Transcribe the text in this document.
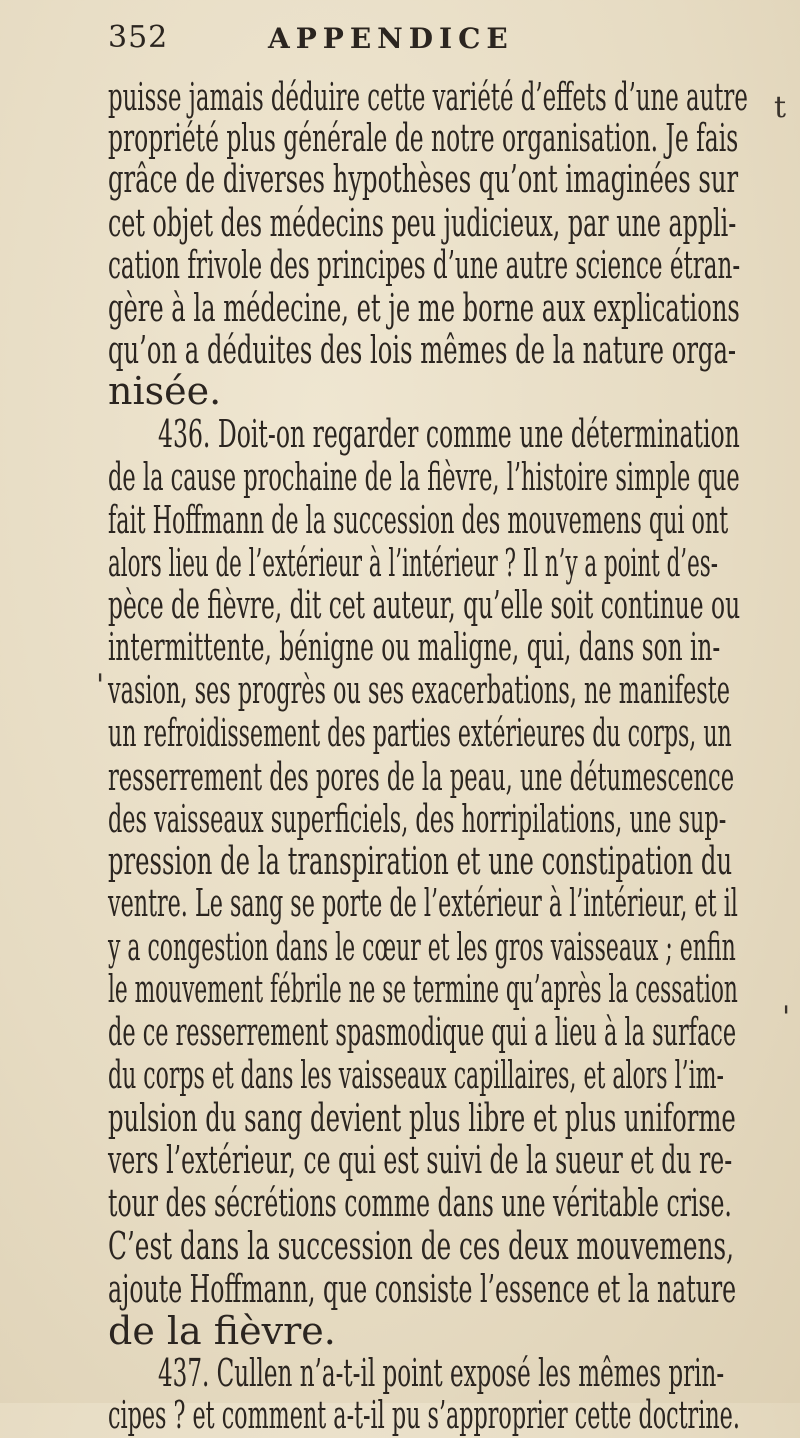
352	APPENDICE
puisse jamais déduire cette variété d’effets d’une autre
propriété plus générale de notre organisation. Je fais
grâce de diverses hypothèses qu’ont imaginées sur
cet objet des médecins peu judicieux, par une appli-
cation frivole des principes d’une autre science étran-
gère à la médecine, et je me borne aux explications
qu’on a déduites des lois mêmes de la nature orga-
nisée.
436. Doit-on regarder comme une détermination
de la cause prochaine de la fièvre, l’histoire simple que
fait Hoffmann de la succession des mouvemens qui ont
alors lieu de l’extérieur à l’intérieur ? Il n’y a point d’es-
pèce de fièvre, dit cet auteur, qu’elle soit continue ou
intermittente, bénigne ou maligne, qui, dans son in-
vasion, ses progrès ou ses exacerbations, ne manifeste
un refroidissement des parties extérieures du corps, un
resserrement des pores de la peau, une détumescence
des vaisseaux superficiels, des horripilations, une sup-
pression de la transpiration et une constipation du
ventre. Le sang se porte de l’extérieur à l’intérieur, et il
y a congestion dans le cœur et les gros vaisseaux ; enfin
le mouvement fébrile ne se termine qu’après la cessation
de ce resserrement spasmodique qui a lieu à la surface
du corps et dans les vaisseaux capillaires, et alors l’im-
pulsion du sang devient plus libre et plus uniforme
vers l’extérieur, ce qui est suivi de la sueur et du re-
tour des sécrétions comme dans une véritable crise.
C’est dans la succession de ces deux mouvemens,
ajoute Hoffmann, que consiste l’essence et la nature
de la fièvre.
437. Cullen n’a-t-il point exposé les mêmes prin-
cipes ? et comment a-t-il pu s’approprier cette doctrine.
t
'
'
